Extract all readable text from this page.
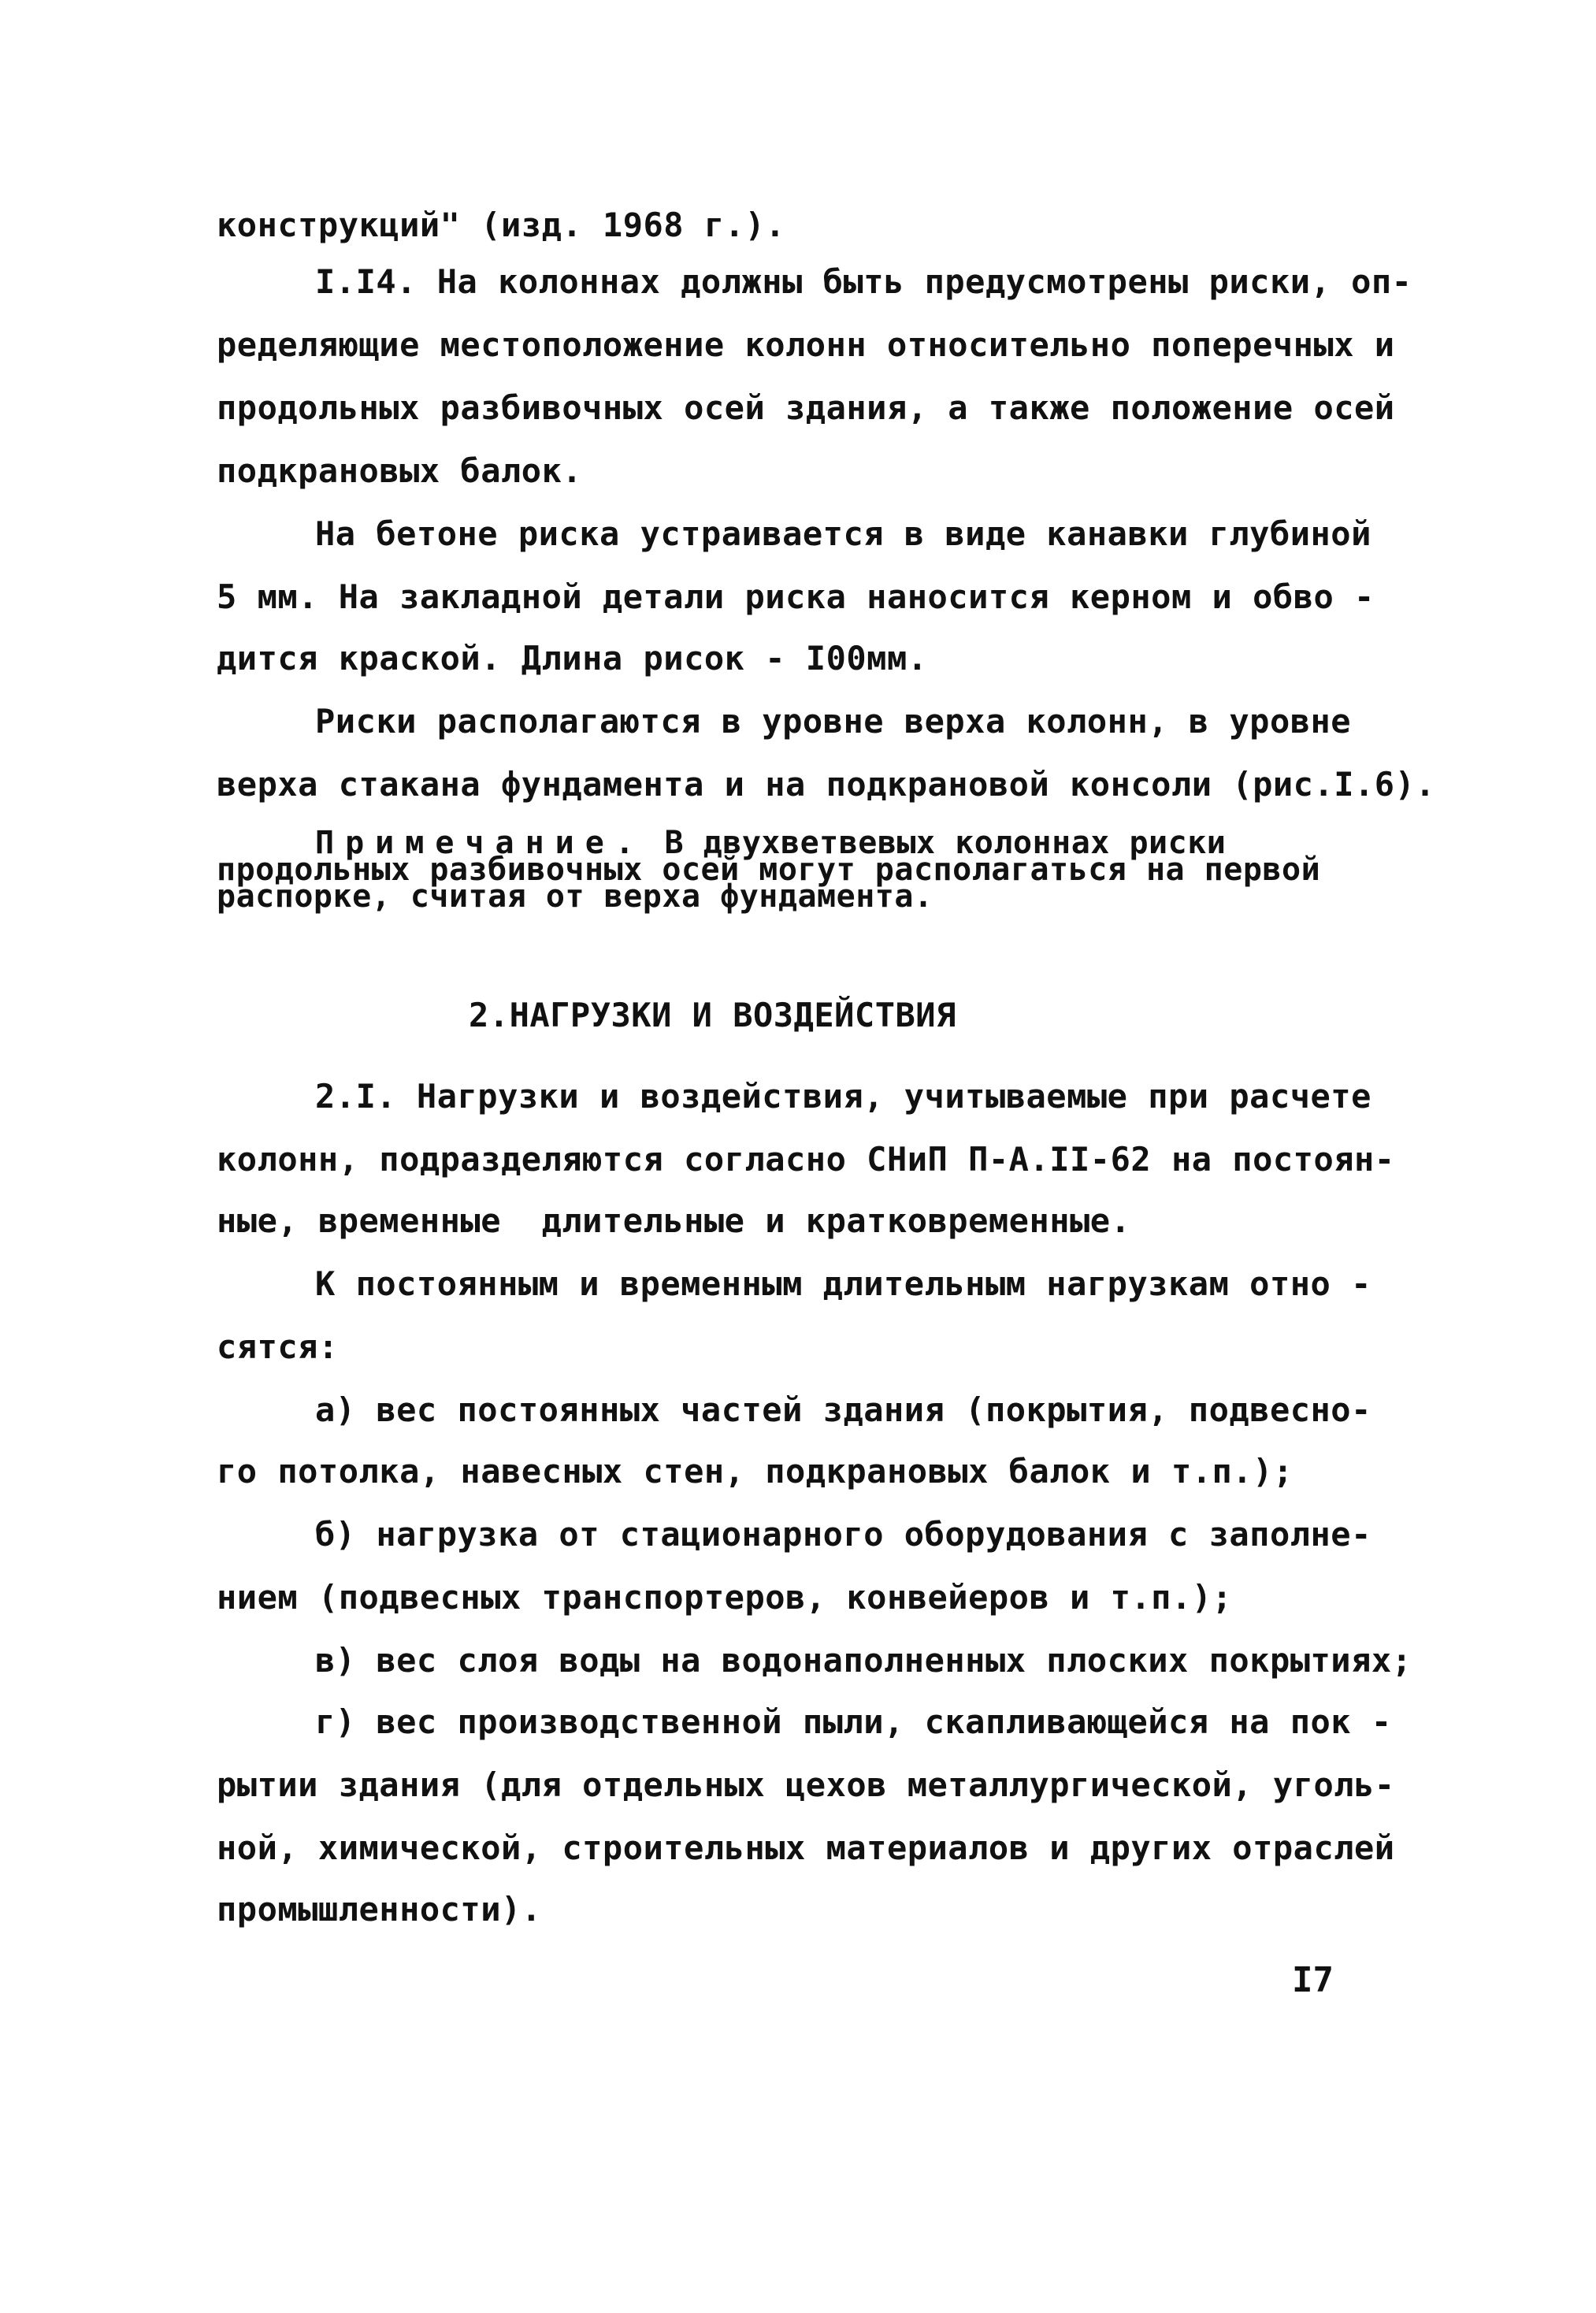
конструкций" (изд. 1968 г.).
I.I4. На колоннах должны быть предусмотрены риски, оп-
ределяющие местоположение колонн относительно поперечных и
продольных разбивочных осей здания, а также положение осей
подкрановых балок.
На бетоне риска устраивается в виде канавки глубиной
5 мм. На закладной детали риска наносится керном и обво -
дится краской. Длина рисок - I00мм.
Риски располагаются в уровне верха колонн, в уровне
верха стакана фундамента и на подкрановой консоли (рис.I.6).
Примечание. В двухветвевых колоннах риски
продольных разбивочных осей могут располагаться на первой
распорке, считая от верха фундамента.
2.НАГРУЗКИ И ВОЗДЕЙСТВИЯ
2.I. Нагрузки и воздействия, учитываемые при расчете
колонн, подразделяются согласно СНиП П-А.II-62 на постоян-
ные, временные  длительные и кратковременные.
К постоянным и временным длительным нагрузкам отно -
сятся:
а) вес постоянных частей здания (покрытия, подвесно-
го потолка, навесных стен, подкрановых балок и т.п.);
б) нагрузка от стационарного оборудования с заполне-
нием (подвесных транспортеров, конвейеров и т.п.);
в) вес слоя воды на водонаполненных плоских покрытиях;
г) вес производственной пыли, скапливающейся на пок -
рытии здания (для отдельных цехов металлургической, уголь-
ной, химической, строительных материалов и других отраслей
промышленности).
I7
